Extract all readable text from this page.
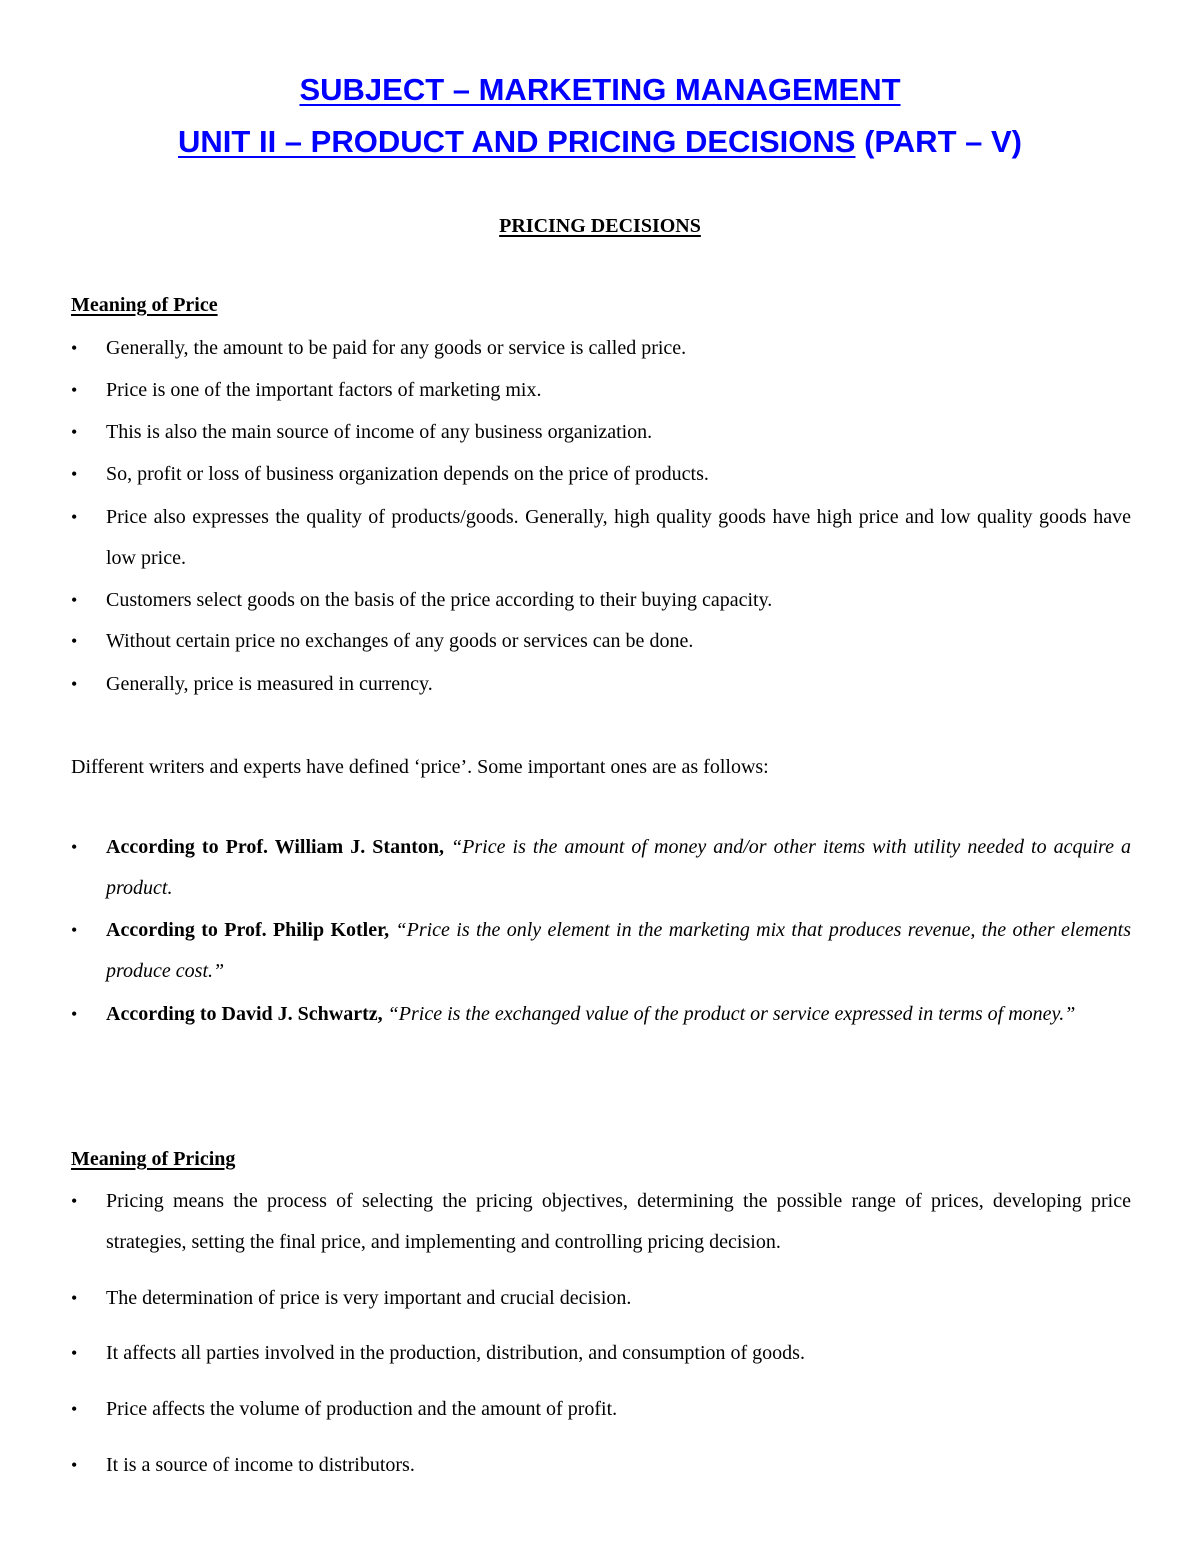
SUBJECT – MARKETING MANAGEMENT
UNIT II – PRODUCT AND PRICING DECISIONS (PART – V)
PRICING DECISIONS
Meaning of Price
•	Generally, the amount to be paid for any goods or service is called price.
•	Price is one of the important factors of marketing mix.
•	This is also the main source of income of any business organization.
•	So, profit or loss of business organization depends on the price of products.
•	Price also expresses the quality of products/goods. Generally, high quality goods have high price and low quality goods have low price.
•	Customers select goods on the basis of the price according to their buying capacity.
•	Without certain price no exchanges of any goods or services can be done.
•	Generally, price is measured in currency.
Different writers and experts have defined ‘price’. Some important ones are as follows:
•	According to Prof. William J. Stanton, “Price is the amount of money and/or other items with utility needed to acquire a product.
•	According to Prof. Philip Kotler, “Price is the only element in the marketing mix that produces revenue, the other elements produce cost.”
•	According to David J. Schwartz, “Price is the exchanged value of the product or service expressed in terms of money.”
Meaning of Pricing
•	Pricing means the process of selecting the pricing objectives, determining the possible range of prices, developing price strategies, setting the final price, and implementing and controlling pricing decision.
•	The determination of price is very important and crucial decision.
•	It affects all parties involved in the production, distribution, and consumption of goods.
•	Price affects the volume of production and the amount of profit.
•	It is a source of income to distributors.
